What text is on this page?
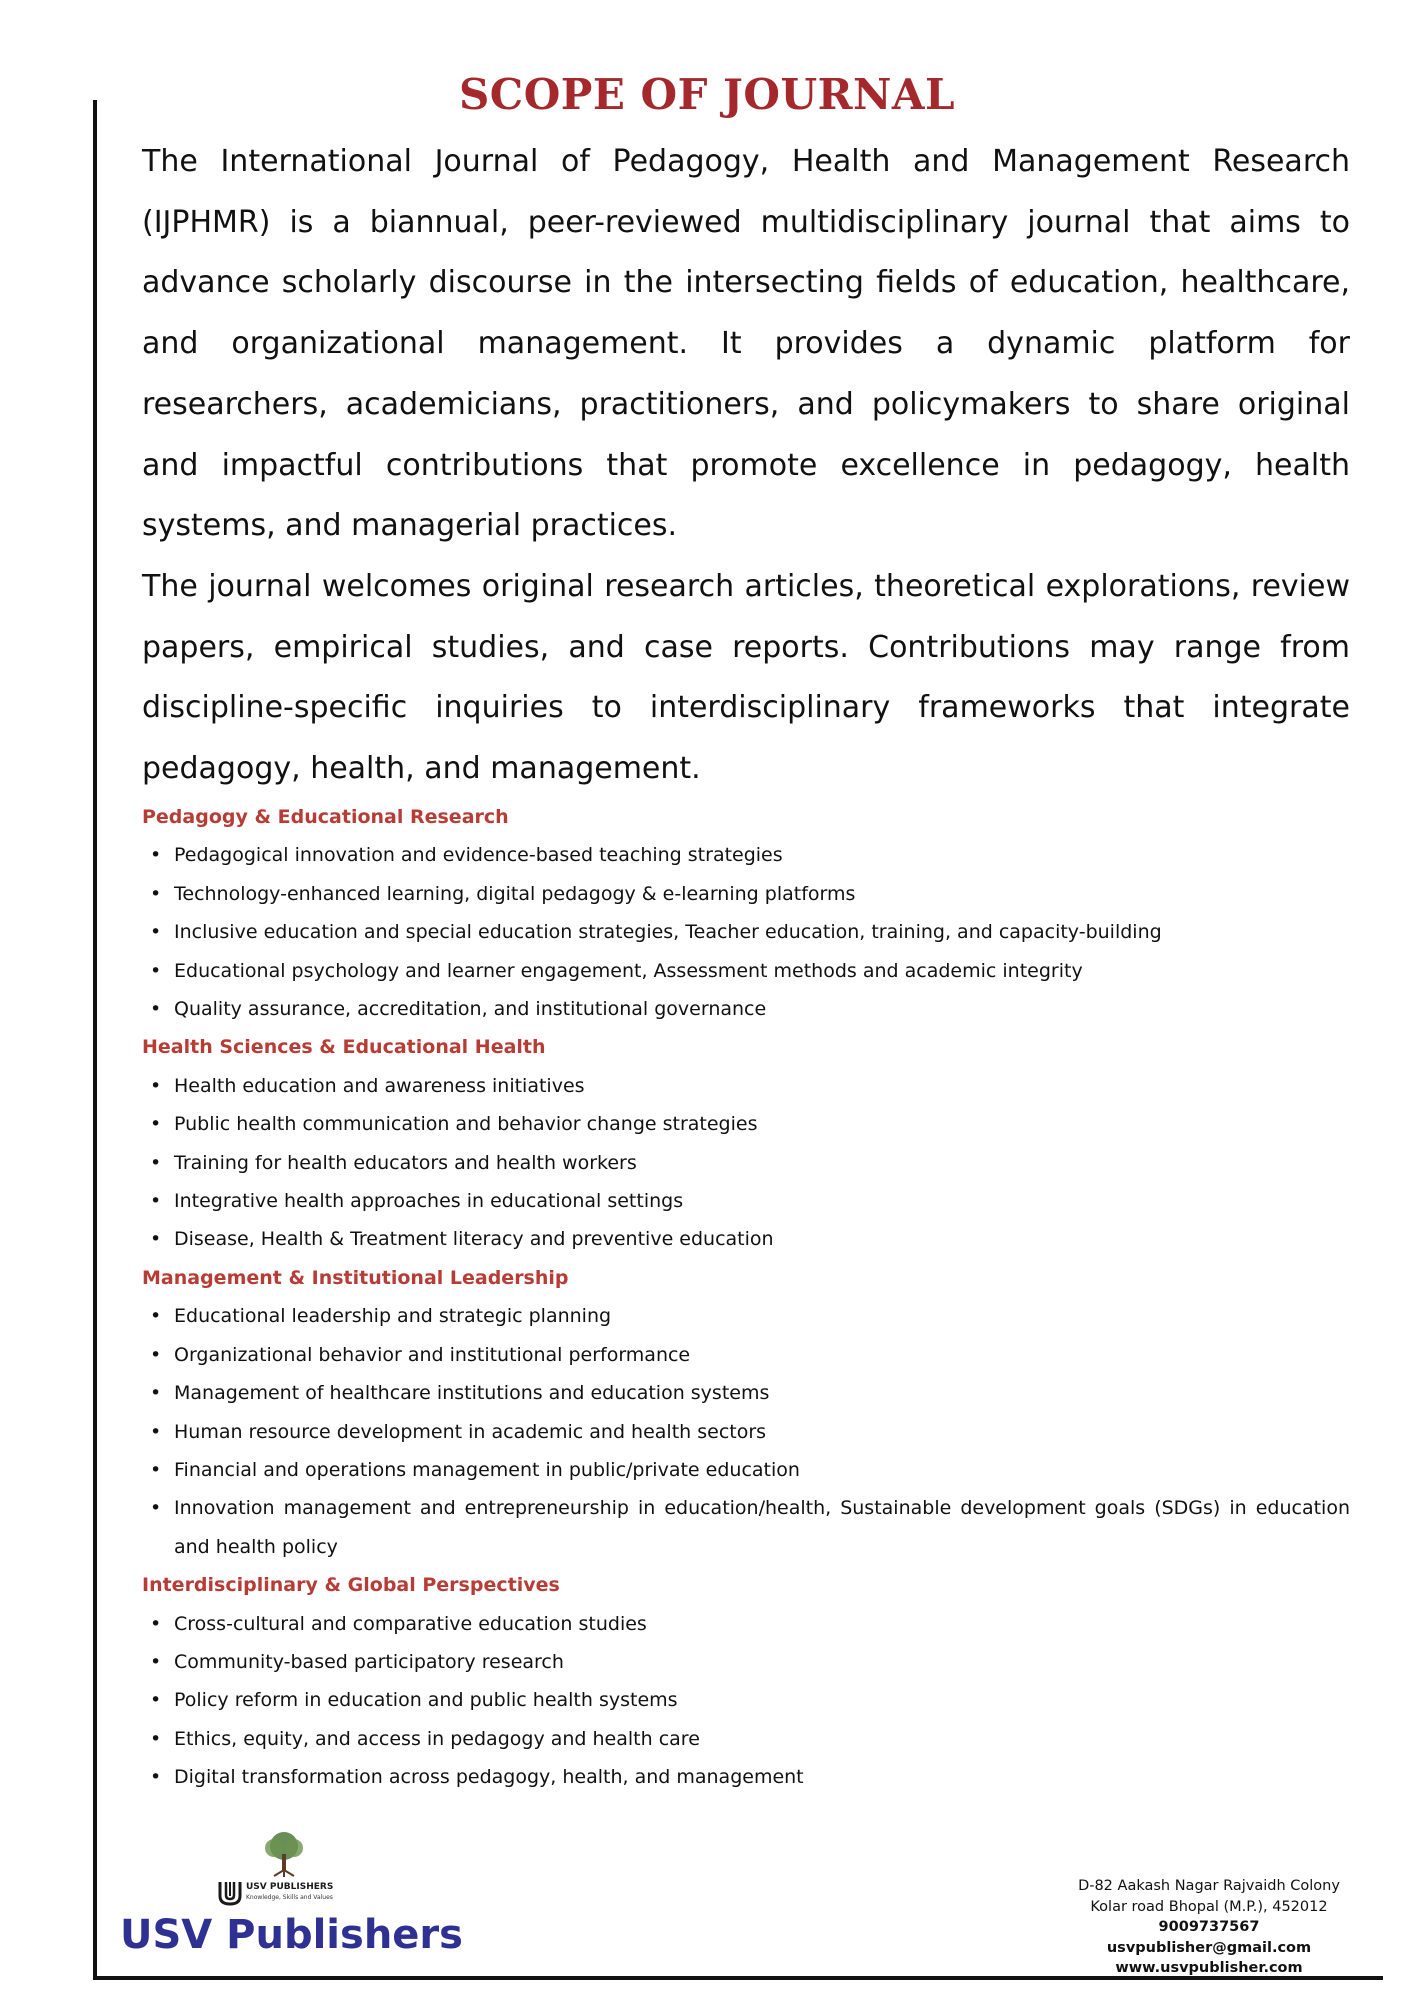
SCOPE OF JOURNAL

The International Journal of Pedagogy, Health and Management Research (IJPHMR) is a biannual, peer-reviewed multidisciplinary journal that aims to advance scholarly discourse in the intersecting fields of education, healthcare, and organizational management. It provides a dynamic platform for researchers, academicians, practitioners, and policymakers to share original and impactful contributions that promote excellence in pedagogy, health systems, and managerial practices.

The journal welcomes original research articles, theoretical explorations, review papers, empirical studies, and case reports. Contributions may range from discipline-specific inquiries to interdisciplinary frameworks that integrate pedagogy, health, and management.

Pedagogy & Educational Research
• Pedagogical innovation and evidence-based teaching strategies
• Technology-enhanced learning, digital pedagogy & e-learning platforms
• Inclusive education and special education strategies, Teacher education, training, and capacity-building
• Educational psychology and learner engagement, Assessment methods and academic integrity
• Quality assurance, accreditation, and institutional governance
Health Sciences & Educational Health
• Health education and awareness initiatives
• Public health communication and behavior change strategies
• Training for health educators and health workers
• Integrative health approaches in educational settings
• Disease, Health & Treatment literacy and preventive education
Management & Institutional Leadership
• Educational leadership and strategic planning
• Organizational behavior and institutional performance
• Management of healthcare institutions and education systems
• Human resource development in academic and health sectors
• Financial and operations management in public/private education
• Innovation management and entrepreneurship in education/health, Sustainable development goals (SDGs) in education and health policy
Interdisciplinary & Global Perspectives
• Cross-cultural and comparative education studies
• Community-based participatory research
• Policy reform in education and public health systems
• Ethics, equity, and access in pedagogy and health care
• Digital transformation across pedagogy, health, and management
USV PUBLISHERS
Knowledge, Skills and Values
USV Publishers
D-82 Aakash Nagar Rajvaidh Colony
Kolar road Bhopal (M.P.), 452012
9009737567
usvpublisher@gmail.com
www.usvpublisher.com
